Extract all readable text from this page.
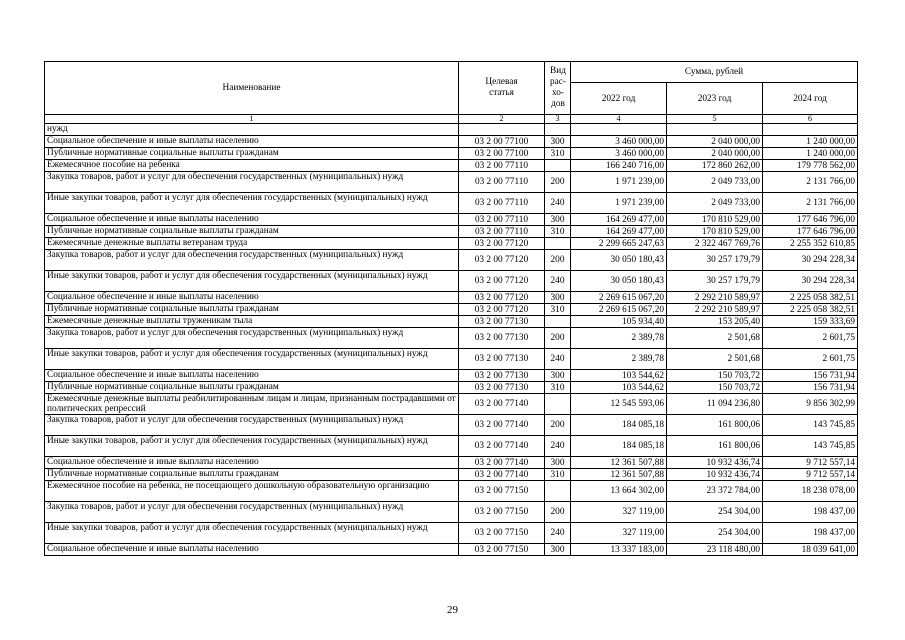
Наименование	Целевая статья	Вид рас-хо-дов	Сумма, рублей		
			2022 год	2023 год	2024 год
1	2	3	4	5	6
нужд					
Социальное обеспечение и иные выплаты населению	03 2 00 77100	300	3 460 000,00	2 040 000,00	1 240 000,00
Публичные нормативные социальные выплаты гражданам	03 2 00 77100	310	3 460 000,00	2 040 000,00	1 240 000,00
Ежемесячное пособие на ребенка	03 2 00 77110		166 240 716,00	172 860 262,00	179 778 562,00
Закупка товаров, работ и услуг для обеспечения государственных (муниципальных) нужд	03 2 00 77110	200	1 971 239,00	2 049 733,00	2 131 766,00
Иные закупки товаров, работ и услуг для обеспечения государственных (муниципальных) нужд	03 2 00 77110	240	1 971 239,00	2 049 733,00	2 131 766,00
Социальное обеспечение и иные выплаты населению	03 2 00 77110	300	164 269 477,00	170 810 529,00	177 646 796,00
Публичные нормативные социальные выплаты гражданам	03 2 00 77110	310	164 269 477,00	170 810 529,00	177 646 796,00
Ежемесячные денежные выплаты ветеранам труда	03 2 00 77120		2 299 665 247,63	2 322 467 769,76	2 255 352 610,85
Закупка товаров, работ и услуг для обеспечения государственных (муниципальных) нужд	03 2 00 77120	200	30 050 180,43	30 257 179,79	30 294 228,34
Иные закупки товаров, работ и услуг для обеспечения государственных (муниципальных) нужд	03 2 00 77120	240	30 050 180,43	30 257 179,79	30 294 228,34
Социальное обеспечение и иные выплаты населению	03 2 00 77120	300	2 269 615 067,20	2 292 210 589,97	2 225 058 382,51
Публичные нормативные социальные выплаты гражданам	03 2 00 77120	310	2 269 615 067,20	2 292 210 589,97	2 225 058 382,51
Ежемесячные денежные выплаты труженикам тыла	03 2 00 77130		105 934,40	153 205,40	159 333,69
Закупка товаров, работ и услуг для обеспечения государственных (муниципальных) нужд	03 2 00 77130	200	2 389,78	2 501,68	2 601,75
Иные закупки товаров, работ и услуг для обеспечения государственных (муниципальных) нужд	03 2 00 77130	240	2 389,78	2 501,68	2 601,75
Социальное обеспечение и иные выплаты населению	03 2 00 77130	300	103 544,62	150 703,72	156 731,94
Публичные нормативные социальные выплаты гражданам	03 2 00 77130	310	103 544,62	150 703,72	156 731,94
Ежемесячные денежные выплаты реабилитированным лицам и лицам, признанным пострадавшими от политических репрессий	03 2 00 77140		12 545 593,06	11 094 236,80	9 856 302,99
Закупка товаров, работ и услуг для обеспечения государственных (муниципальных) нужд	03 2 00 77140	200	184 085,18	161 800,06	143 745,85
Иные закупки товаров, работ и услуг для обеспечения государственных (муниципальных) нужд	03 2 00 77140	240	184 085,18	161 800,06	143 745,85
Социальное обеспечение и иные выплаты населению	03 2 00 77140	300	12 361 507,88	10 932 436,74	9 712 557,14
Публичные нормативные социальные выплаты гражданам	03 2 00 77140	310	12 361 507,88	10 932 436,74	9 712 557,14
Ежемесячное пособие на ребенка, не посещающего дошкольную образовательную организацию	03 2 00 77150		13 664 302,00	23 372 784,00	18 238 078,00
Закупка товаров, работ и услуг для обеспечения государственных (муниципальных) нужд	03 2 00 77150	200	327 119,00	254 304,00	198 437,00
Иные закупки товаров, работ и услуг для обеспечения государственных (муниципальных) нужд	03 2 00 77150	240	327 119,00	254 304,00	198 437,00
Социальное обеспечение и иные выплаты населению	03 2 00 77150	300	13 337 183,00	23 118 480,00	18 039 641,00
29
